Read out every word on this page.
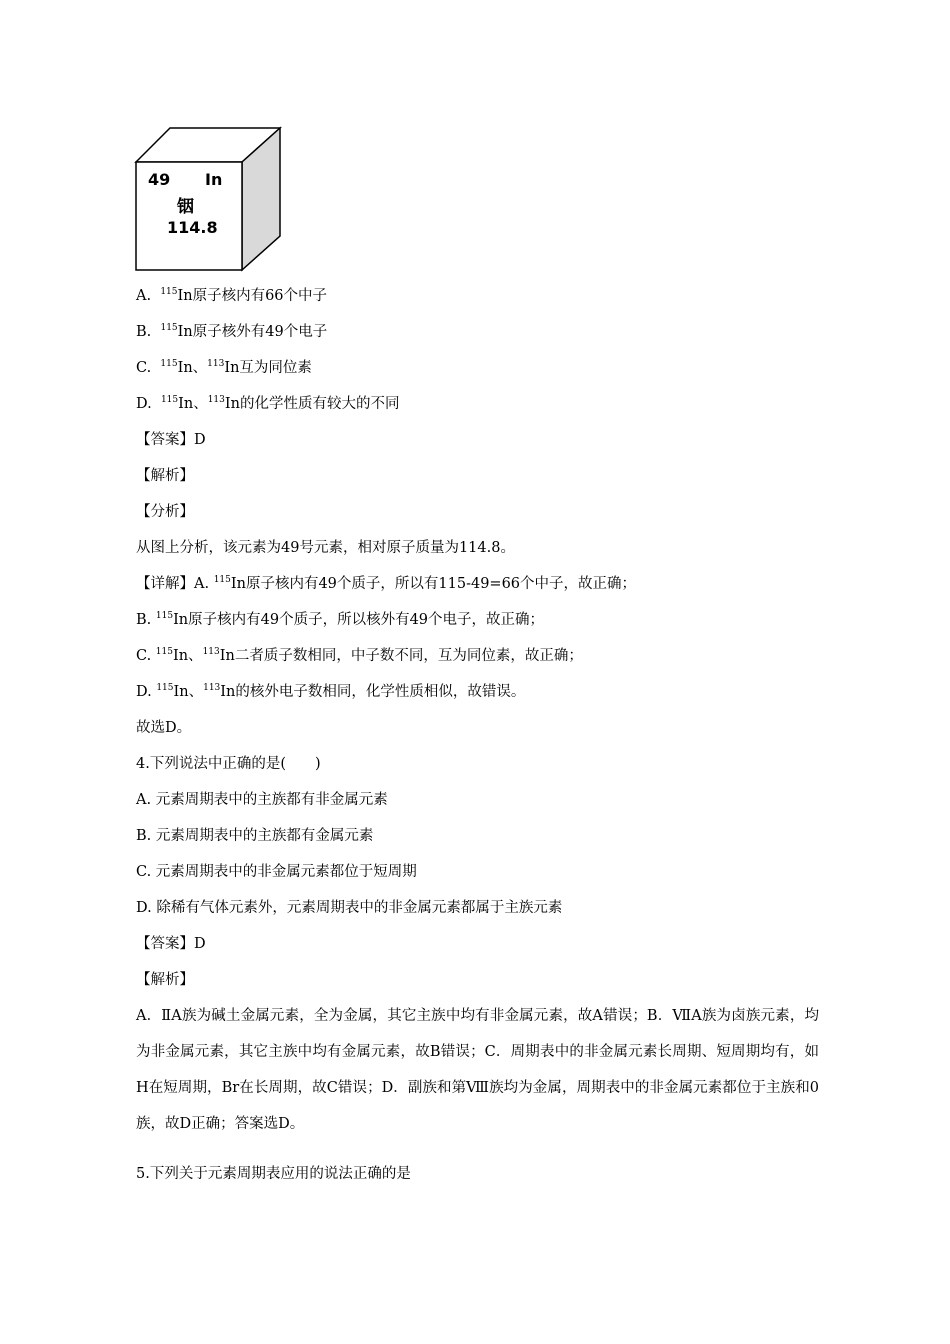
49 In
铟
114.8
A. $^{115}$In原子核内有66个中子
B. $^{115}$In原子核外有49个电子
C. $^{115}$In、$^{113}$In互为同位素
D. $^{115}$In、$^{113}$In的化学性质有较大的不同
【答案】D
【解析】
【分析】
从图上分析，该元素为49号元素，相对原子质量为114.8。
【详解】A. $^{115}$In原子核内有49个质子，所以有115-49=66个中子，故正确；
B. $^{115}$In原子核内有49个质子，所以核外有49个电子，故正确；
C. $^{115}$In、$^{113}$In二者质子数相同，中子数不同，互为同位素，故正确；
D. $^{115}$In、$^{113}$In的核外电子数相同，化学性质相似，故错误。
故选D。
4.下列说法中正确的是(　　)
A. 元素周期表中的主族都有非金属元素
B. 元素周期表中的主族都有金属元素
C. 元素周期表中的非金属元素都位于短周期
D. 除稀有气体元素外，元素周期表中的非金属元素都属于主族元素
【答案】D
【解析】
A．ⅡA族为碱土金属元素，全为金属，其它主族中均有非金属元素，故A错误；B．ⅦA族为卤族元素，均为非金属元素，其它主族中均有金属元素，故B错误；C．周期表中的非金属元素长周期、短周期均有，如H在短周期，Br在长周期，故C错误；D．副族和第Ⅷ族均为金属，周期表中的非金属元素都位于主族和0族，故D正确；答案选D。
5.下列关于元素周期表应用的说法正确的是
